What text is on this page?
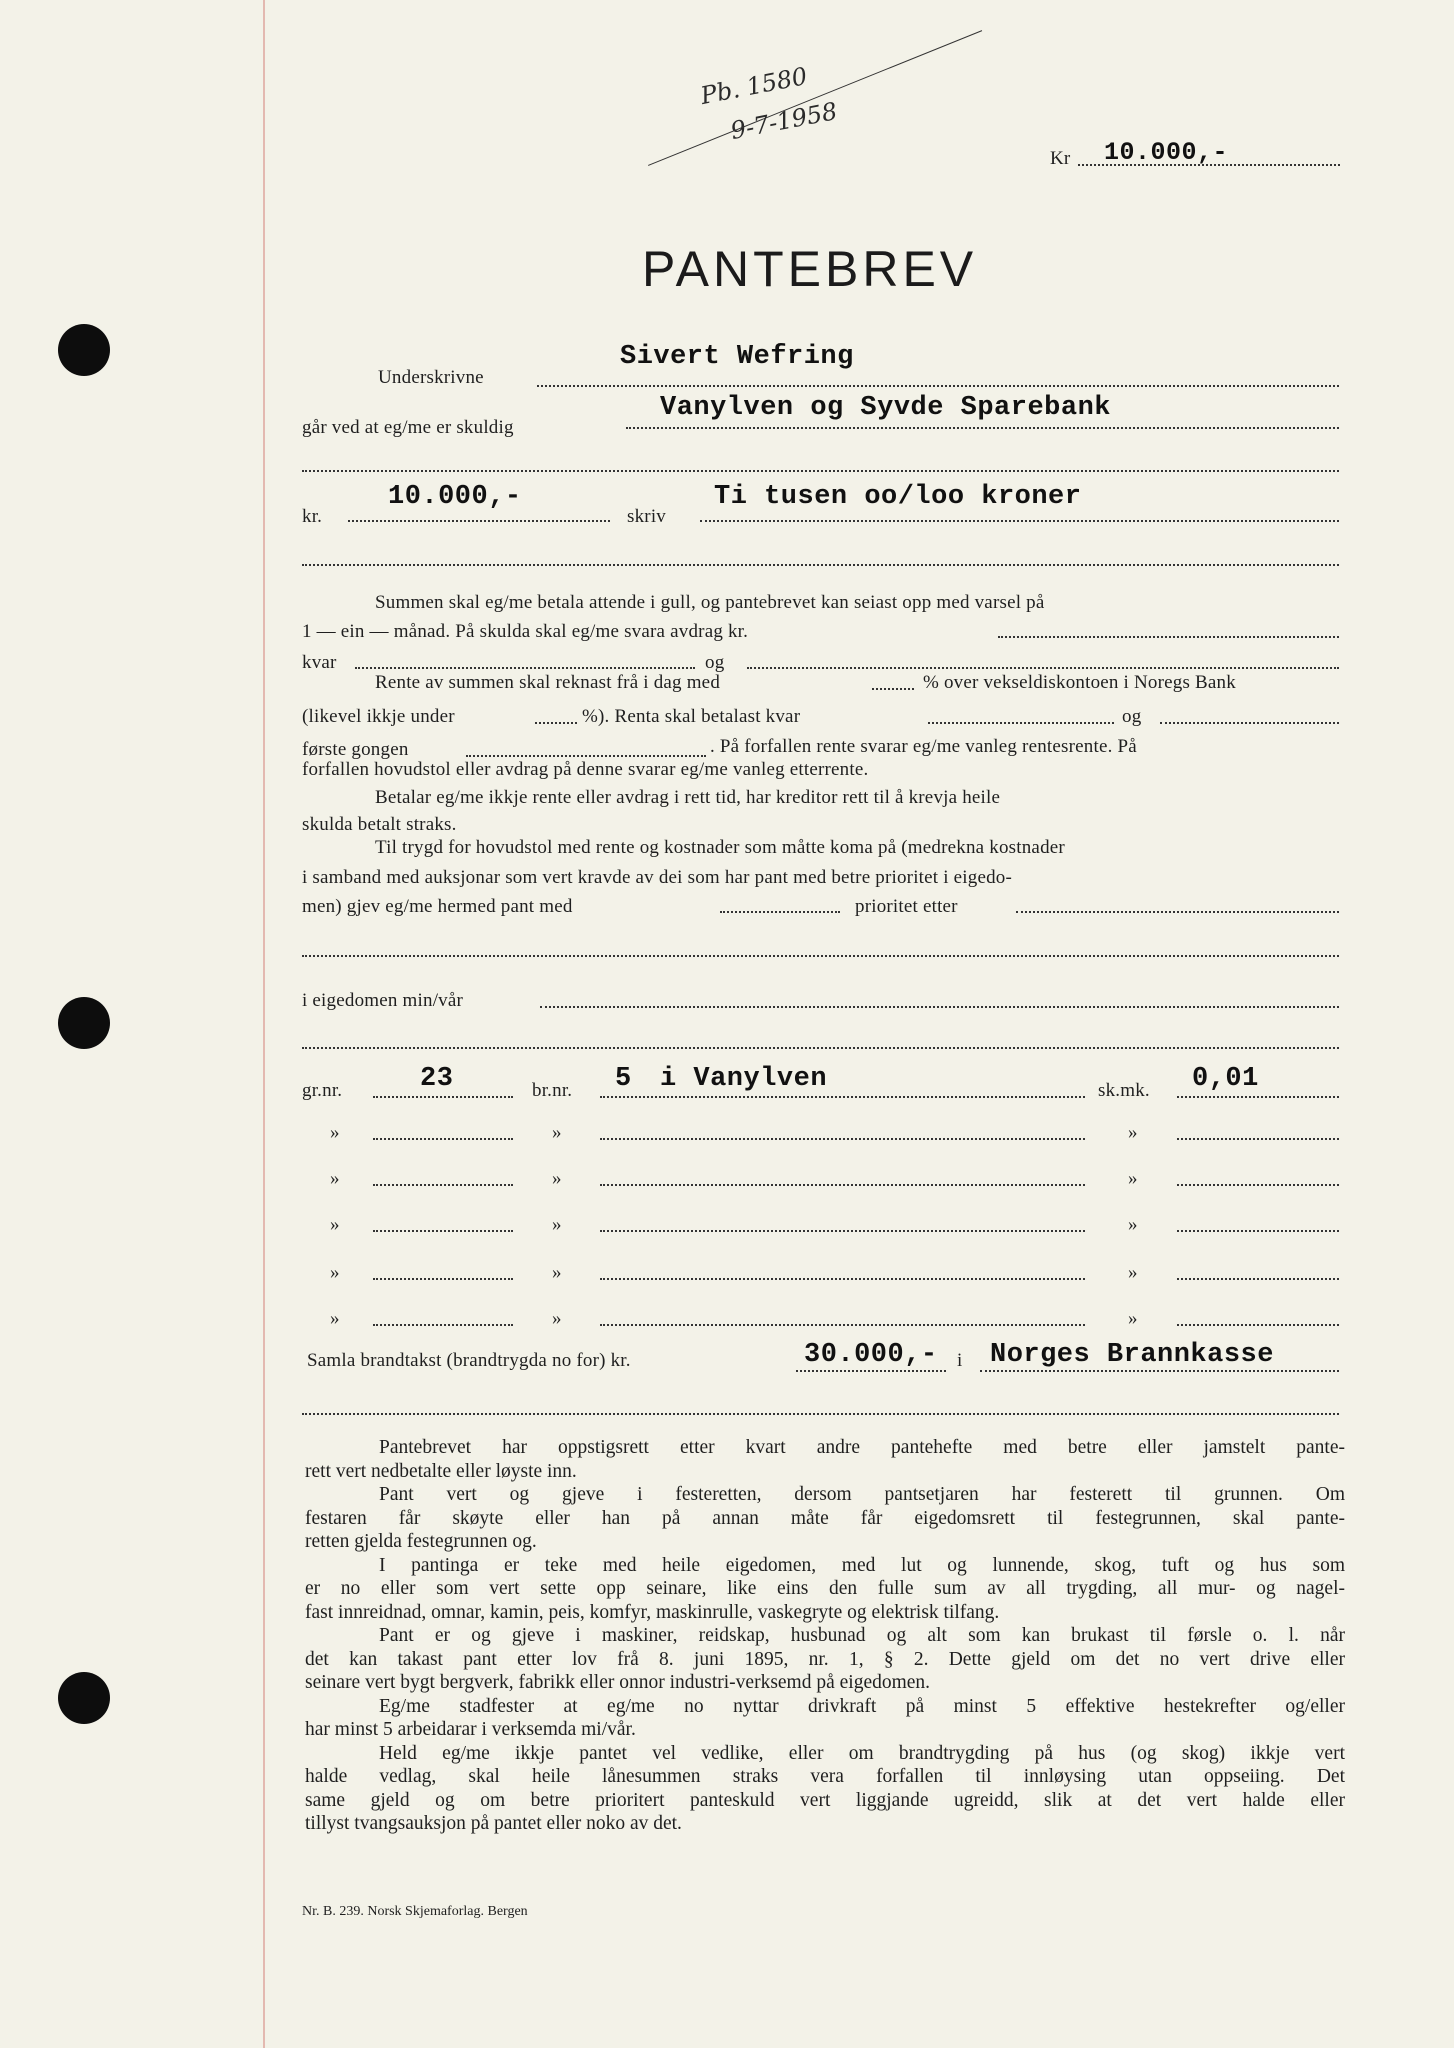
Pb. 1580
9-7-1958
Kr 10.000,-
PANTEBREV
Sivert Wefring
Underskrivne
går ved at eg/me er skuldig
Vanylven og Syvde Sparebank
kr.
10.000,-
skriv
Ti tusen oo/loo kroner
Summen skal eg/me betala attende i gull, og pantebrevet kan seiast opp med varsel på
1 — ein — månad. På skulda skal eg/me svara avdrag kr.
kvar	og
Rente av summen skal reknast frå i dag med	% over vekseldiskontoen i Noregs Bank
(likevel ikkje under	%). Renta skal betalast kvar	og
første gongen	. På forfallen rente svarar eg/me vanleg rentesrente. På
forfallen hovudstol eller avdrag på denne svarar eg/me vanleg etterrente.
Betalar eg/me ikkje rente eller avdrag i rett tid, har kreditor rett til å krevja heile
skulda betalt straks.
Til trygd for hovudstol med rente og kostnader som måtte koma på (medrekna kostnader
i samband med auksjonar som vert kravde av dei som har pant med betre prioritet i eigedo-
men) gjev eg/me hermed pant med	prioritet etter
i eigedomen min/vår
gr.nr.	23	br.nr. 5 i Vanylven	sk.mk. 0,01
»	»	»
»	»	»
»	»	»
»	»	»
»	»	»
Samla brandtakst (brandtrygda no for) kr.	30.000,- i Norges Brannkasse
Pantebrevet har oppstigsrett etter kvart andre pantehefte med betre eller jamstelt pante-
rett vert nedbetalte eller løyste inn.
Pant vert og gjeve i festeretten, dersom pantsetjaren har festerett til grunnen. Om
festaren får skøyte eller han på annan måte får eigedomsrett til festegrunnen, skal pante-
retten gjelda festegrunnen og.
I pantinga er teke med heile eigedomen, med lut og lunnende, skog, tuft og hus som
er no eller som vert sette opp seinare, like eins den fulle sum av all trygding, all mur- og nagel-
fast innreidnad, omnar, kamin, peis, komfyr, maskinrulle, vaskegryte og elektrisk tilfang.
Pant er og gjeve i maskiner, reidskap, husbunad og alt som kan brukast til førsle o. l. når
det kan takast pant etter lov frå 8. juni 1895, nr. 1, § 2. Dette gjeld om det no vert drive eller
seinare vert bygt bergverk, fabrikk eller onnor industri-verksemd på eigedomen.
Eg/me stadfester at eg/me no nyttar drivkraft på minst 5 effektive hestekrefter og/eller
har minst 5 arbeidarar i verksemda mi/vår.
Held eg/me ikkje pantet vel vedlike, eller om brandtrygding på hus (og skog) ikkje vert
halde vedlag, skal heile lånesummen straks vera forfallen til innløysing utan oppseiing. Det
same gjeld og om betre prioritert panteskuld vert liggjande ugreidd, slik at det vert halde eller
tillyst tvangsauksjon på pantet eller noko av det.
Nr. B. 239. Norsk Skjemaforlag. Bergen
